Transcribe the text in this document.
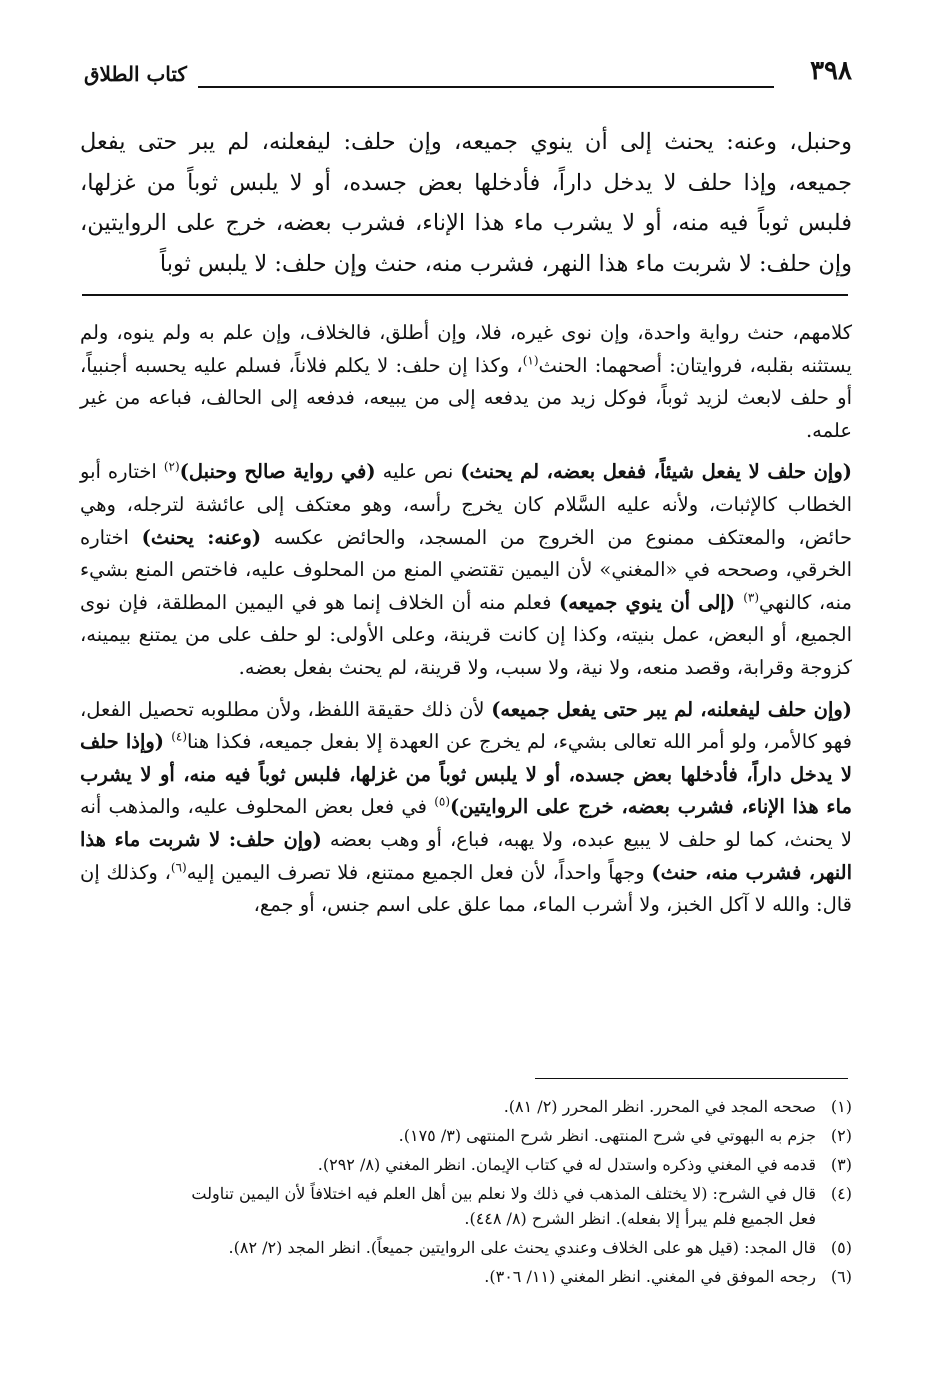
٣٩٨
كتاب الطلاق
وحنبل، وعنه: يحنث إلى أن ينوي جميعه، وإن حلف: ليفعلنه، لم يبر حتى يفعل جميعه، وإذا حلف لا يدخل داراً، فأدخلها بعض جسده، أو لا يلبس ثوباً من غزلها، فلبس ثوباً فيه منه، أو لا يشرب ماء هذا الإناء، فشرب بعضه، خرج على الروايتين، وإن حلف: لا شربت ماء هذا النهر، فشرب منه، حنث وإن حلف: لا يلبس ثوباً

كلامهم، حنث رواية واحدة، وإن نوى غيره، فلا، وإن أطلق، فالخلاف، وإن علم به ولم ينوه، ولم يستثنه بقلبه، فروايتان: أصحهما: الحنث$^{(١)}$، وكذا إن حلف: لا يكلم فلاناً، فسلم عليه يحسبه أجنبياً، أو حلف لابعث لزيد ثوباً، فوكل زيد من يدفعه إلى من يبيعه، فدفعه إلى الحالف، فباعه من غير علمه.

(وإن حلف لا يفعل شيئاً، ففعل بعضه، لم يحنث) نص عليه (في رواية صالح وحنبل)$^{(٢)}$ اختاره أبو الخطاب كالإثبات، ولأنه عليه السَّلام كان يخرج رأسه، وهو معتكف إلى عائشة لترجله، وهي حائض، والمعتكف ممنوع من الخروج من المسجد، والحائض عكسه (وعنه: يحنث) اختاره الخرقي، وصححه في «المغني» لأن اليمين تقتضي المنع من المحلوف عليه، فاختص المنع بشيء منه، كالنهي$^{(٣)}$ (إلى أن ينوي جميعه) فعلم منه أن الخلاف إنما هو في اليمين المطلقة، فإن نوى الجميع، أو البعض، عمل بنيته، وكذا إن كانت قرينة، وعلى الأولى: لو حلف على من يمتنع بيمينه، كزوجة وقرابة، وقصد منعه، ولا نية، ولا سبب، ولا قرينة، لم يحنث بفعل بعضه.

(وإن حلف ليفعلنه، لم يبر حتى يفعل جميعه) لأن ذلك حقيقة اللفظ، ولأن مطلوبه تحصيل الفعل، فهو كالأمر، ولو أمر الله تعالى بشيء، لم يخرج عن العهدة إلا بفعل جميعه، فكذا هنا$^{(٤)}$ (وإذا حلف لا يدخل داراً، فأدخلها بعض جسده، أو لا يلبس ثوباً من غزلها، فلبس ثوباً فيه منه، أو لا يشرب ماء هذا الإناء، فشرب بعضه، خرج على الروايتين)$^{(٥)}$ في فعل بعض المحلوف عليه، والمذهب أنه لا يحنث، كما لو حلف لا يبيع عبده، ولا يهبه، فباع، أو وهب بعضه (وإن حلف: لا شربت ماء هذا النهر، فشرب منه، حنث) وجهاً واحداً، لأن فعل الجميع ممتنع، فلا تصرف اليمين إليه$^{(٦)}$، وكذلك إن قال: والله لا آكل الخبز، ولا أشرب الماء، مما علق على اسم جنس، أو جمع،

(١)صححه المجد في المحرر. انظر المحرر (٢/ ٨١).

(٢)جزم به البهوتي في شرح المنتهى. انظر شرح المنتهى (٣/ ١٧٥).

(٣)قدمه في المغني وذكره واستدل له في كتاب الإيمان. انظر المغني (٨/ ٢٩٢).

(٤)قال في الشرح: (لا يختلف المذهب في ذلك ولا نعلم بين أهل العلم فيه اختلافاً لأن اليمين تناولت

فعل الجميع فلم يبرأ إلا بفعله). انظر الشرح (٨/ ٤٤٨).

(٥)قال المجد: (قيل هو على الخلاف وعندي يحنث على الروايتين جميعاً). انظر المجد (٢/ ٨٢).

(٦)رجحه الموفق في المغني. انظر المغني (١١/ ٣٠٦).
